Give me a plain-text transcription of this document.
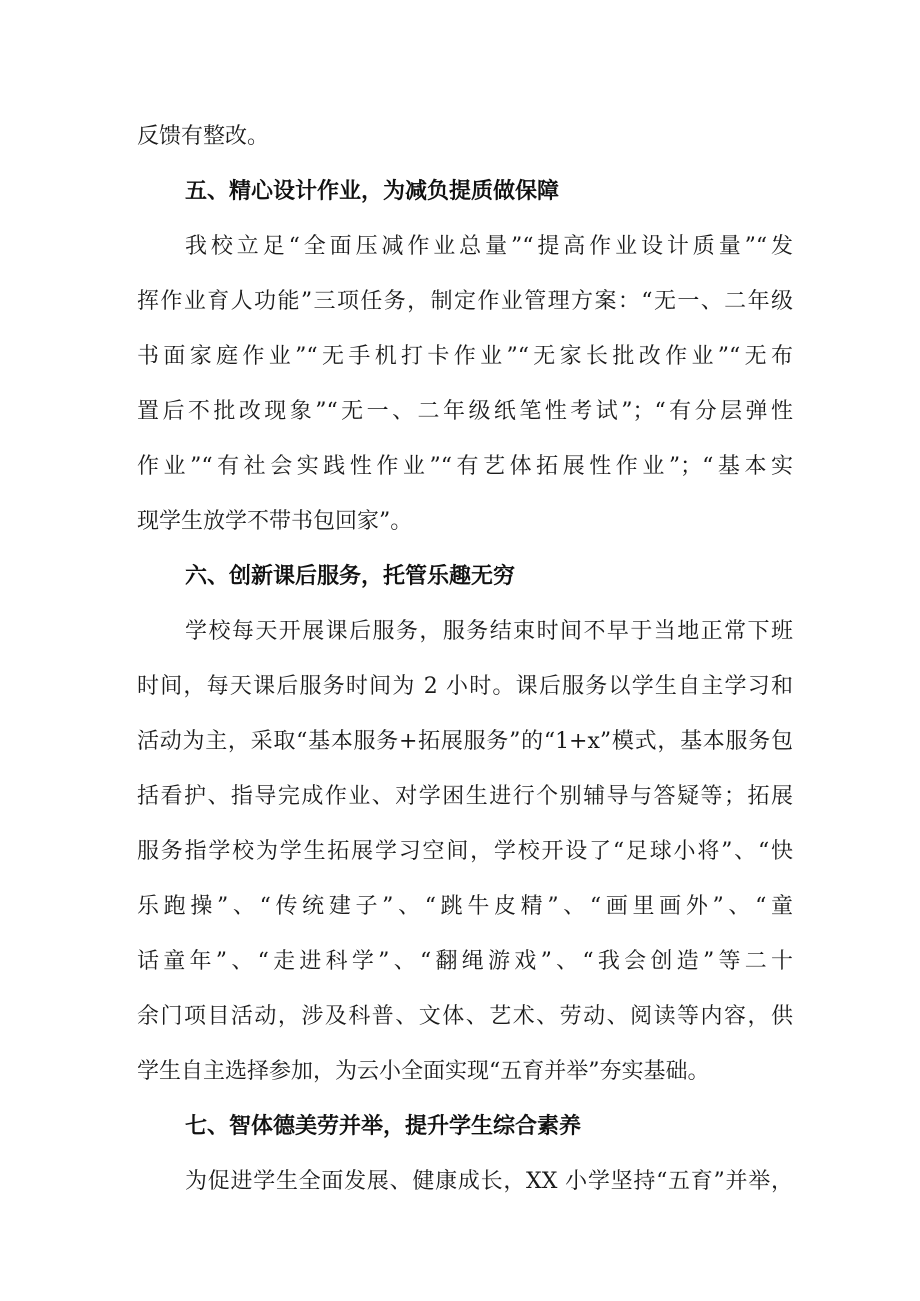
反馈有整改。
五、精心设计作业，为减负提质做保障
我校立足“全面压减作业总量”“提高作业设计质量”“发
挥作业育人功能”三项任务，制定作业管理方案：“无一、二年级
书面家庭作业”“无手机打卡作业”“无家长批改作业”“无布
置后不批改现象”“无一、二年级纸笔性考试”；“有分层弹性
作业”“有社会实践性作业”“有艺体拓展性作业”；“基本实
现学生放学不带书包回家”。
六、创新课后服务，托管乐趣无穷
学校每天开展课后服务，服务结束时间不早于当地正常下班
时间，每天课后服务时间为 2 小时。课后服务以学生自主学习和
活动为主，采取“基本服务+拓展服务”的“1+x”模式，基本服务包
括看护、指导完成作业、对学困生进行个别辅导与答疑等；拓展
服务指学校为学生拓展学习空间，学校开设了“足球小将”、“快
乐跑操”、“传统建子”、“跳牛皮精”、“画里画外”、“童
话童年”、“走进科学”、“翻绳游戏”、“我会创造”等二十
余门项目活动，涉及科普、文体、艺术、劳动、阅读等内容，供
学生自主选择参加，为云小全面实现“五育并举”夯实基础。
七、智体德美劳并举，提升学生综合素养
为促进学生全面发展、健康成长，XX 小学坚持“五育”并举，
